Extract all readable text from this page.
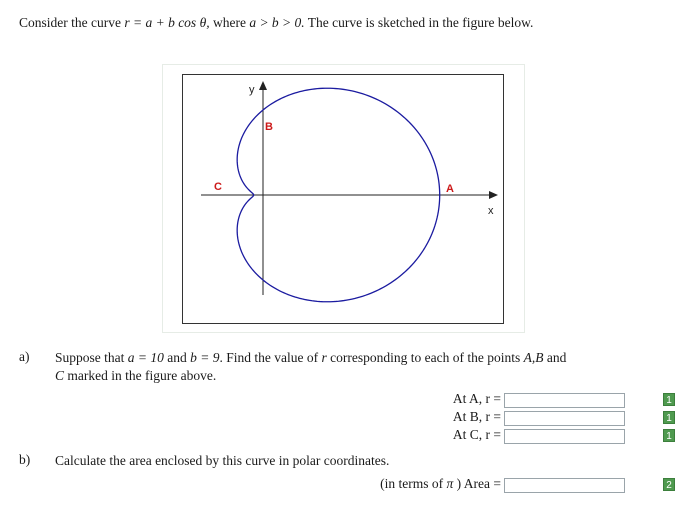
Consider the curve r = a + b cos θ, where a > b > 0. The curve is sketched in the figure below.
y
x
A
B
C
a)	Suppose that a = 10 and b = 9. Find the value of r corresponding to each of the points A,B and C marked in the figure above.
At A, r =	1
At B, r =	1
At C, r =	1
b)	Calculate the area enclosed by this curve in polar coordinates.
(in terms of π ) Area =	2
